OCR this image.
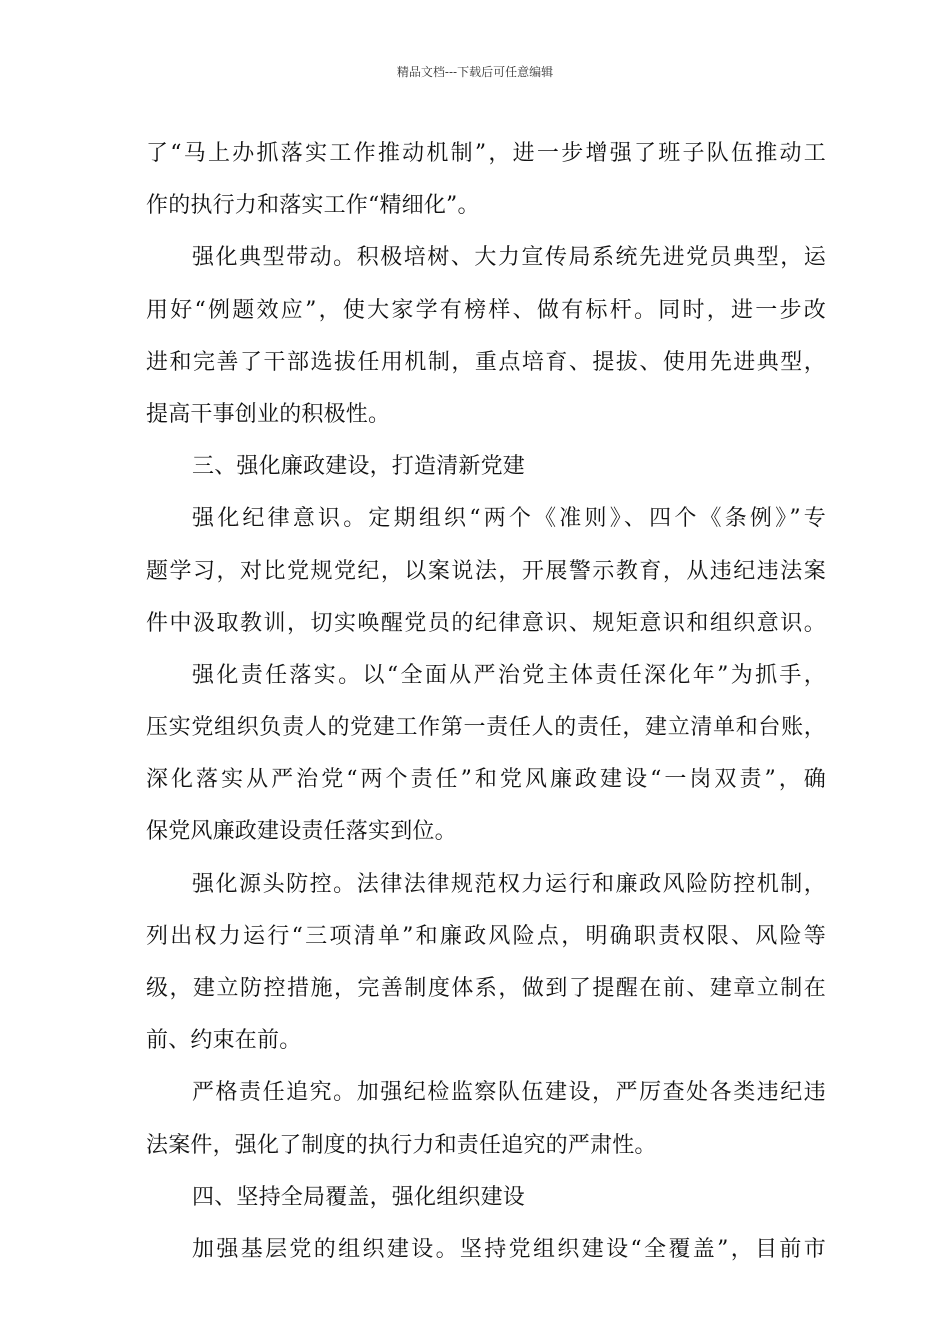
精品文档---下载后可任意编辑
了“马上办抓落实工作推动机制”，进一步增强了班子队伍推动工
作的执行力和落实工作“精细化”。
强化典型带动。积极培树、大力宣传局系统先进党员典型，运
用好“例题效应”，使大家学有榜样、做有标杆。同时，进一步改
进和完善了干部选拔任用机制，重点培育、提拔、使用先进典型，
提高干事创业的积极性。
三、强化廉政建设，打造清新党建
强化纪律意识。定期组织“两个《准则》、四个《条例》”专
题学习，对比党规党纪，以案说法，开展警示教育，从违纪违法案
件中汲取教训，切实唤醒党员的纪律意识、规矩意识和组织意识。
强化责任落实。以“全面从严治党主体责任深化年”为抓手，
压实党组织负责人的党建工作第一责任人的责任，建立清单和台账，
深化落实从严治党“两个责任”和党风廉政建设“一岗双责”，确
保党风廉政建设责任落实到位。
强化源头防控。法律法律规范权力运行和廉政风险防控机制，
列出权力运行“三项清单”和廉政风险点，明确职责权限、风险等
级，建立防控措施，完善制度体系，做到了提醒在前、建章立制在
前、约束在前。
严格责任追究。加强纪检监察队伍建设，严厉查处各类违纪违
法案件，强化了制度的执行力和责任追究的严肃性。
四、坚持全局覆盖，强化组织建设
加强基层党的组织建设。坚持党组织建设“全覆盖”，目前市
